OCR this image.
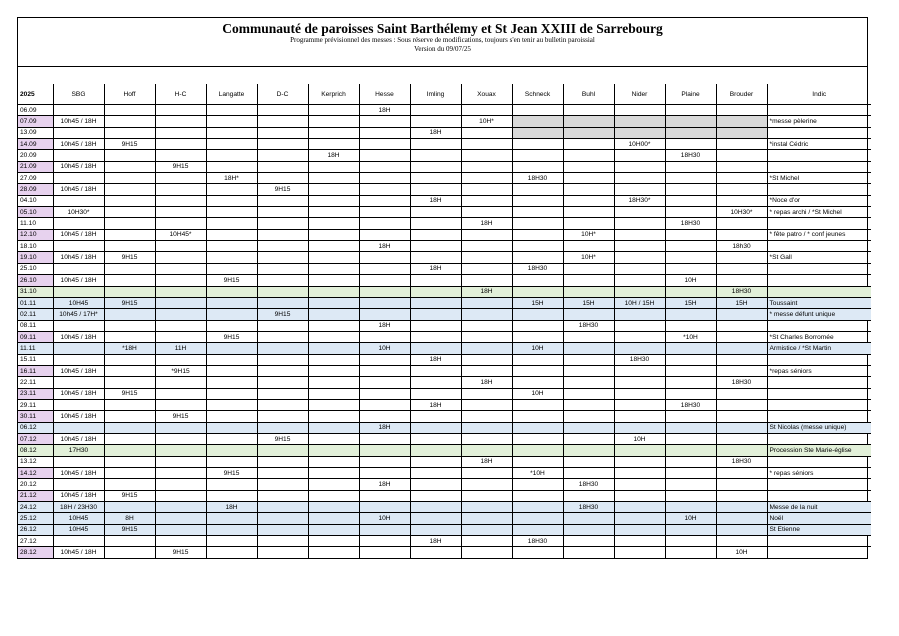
Communauté de paroisses Saint Barthélemy et St Jean XXIII de Sarrebourg
Programme prévisionnel des messes : Sous réserve de modifications, toujours s'en tenir au bulletin paroissial
Version du 09/07/25
2025	SBG	Hoff	H-C	Langatte	D-C	Kerprich	Hesse	Imling	Xouax	Schneck	Buhl	Nider	Plaine	Brouder	Indic
06.09							18H								
07.09	10h45 / 18H								10H*						*messe pèlerine
13.09								18H							
14.09	10h45 / 18H	9H15										10H00*			*instal Cédric
20.09						18H							18H30		
21.09	10h45 / 18H		9H15												
27.09				18H*						18H30					*St Michel
28.09	10h45 / 18H				9H15										
04.10								18H				18H30*			*Noce d'or
05.10	10H30*													10H30*	* repas archi / *St Michel
11.10									18H				18H30		
12.10	10h45 / 18H		10H45*								10H*				* fête patro / * conf jeunes
18.10							18H							18h30	
19.10	10h45 / 18H	9H15									10H*				*St Gall
25.10								18H		18H30					
26.10	10h45 / 18H			9H15									10H		
31.10									18H					18H30	
01.11	10H45	9H15								15H	15H	10H / 15H	15H	15H	Toussaint
02.11	10h45 / 17H*				9H15										* messe défunt unique
08.11							18H				18H30				
09.11	10h45 / 18H			9H15									*10H		*St Charles Borromée
11.11		*18H	11H				10H			10H					Armistice / *St Martin
15.11								18H				18H30			
16.11	10h45 / 18H		*9H15												*repas séniors
22.11									18H					18H30	
23.11	10h45 / 18H	9H15								10H					
29.11								18H					18H30		
30.11	10h45 / 18H		9H15												
06.12							18H								St Nicolas (messe unique)
07.12	10h45 / 18H				9H15							10H			
08.12	17H30														Procession Ste Marie-église
13.12									18H					18H30	
14.12	10h45 / 18H			9H15						*10H					* repas séniors
20.12							18H				18H30				
21.12	10h45 / 18H	9H15													
24.12	18H / 23H30			18H							18H30				Messe de la nuit
25.12	10H45	8H					10H						10H		Noël
26.12	10H45	9H15													St Etienne
27.12								18H		18H30					
28.12	10h45 / 18H		9H15											10H	
